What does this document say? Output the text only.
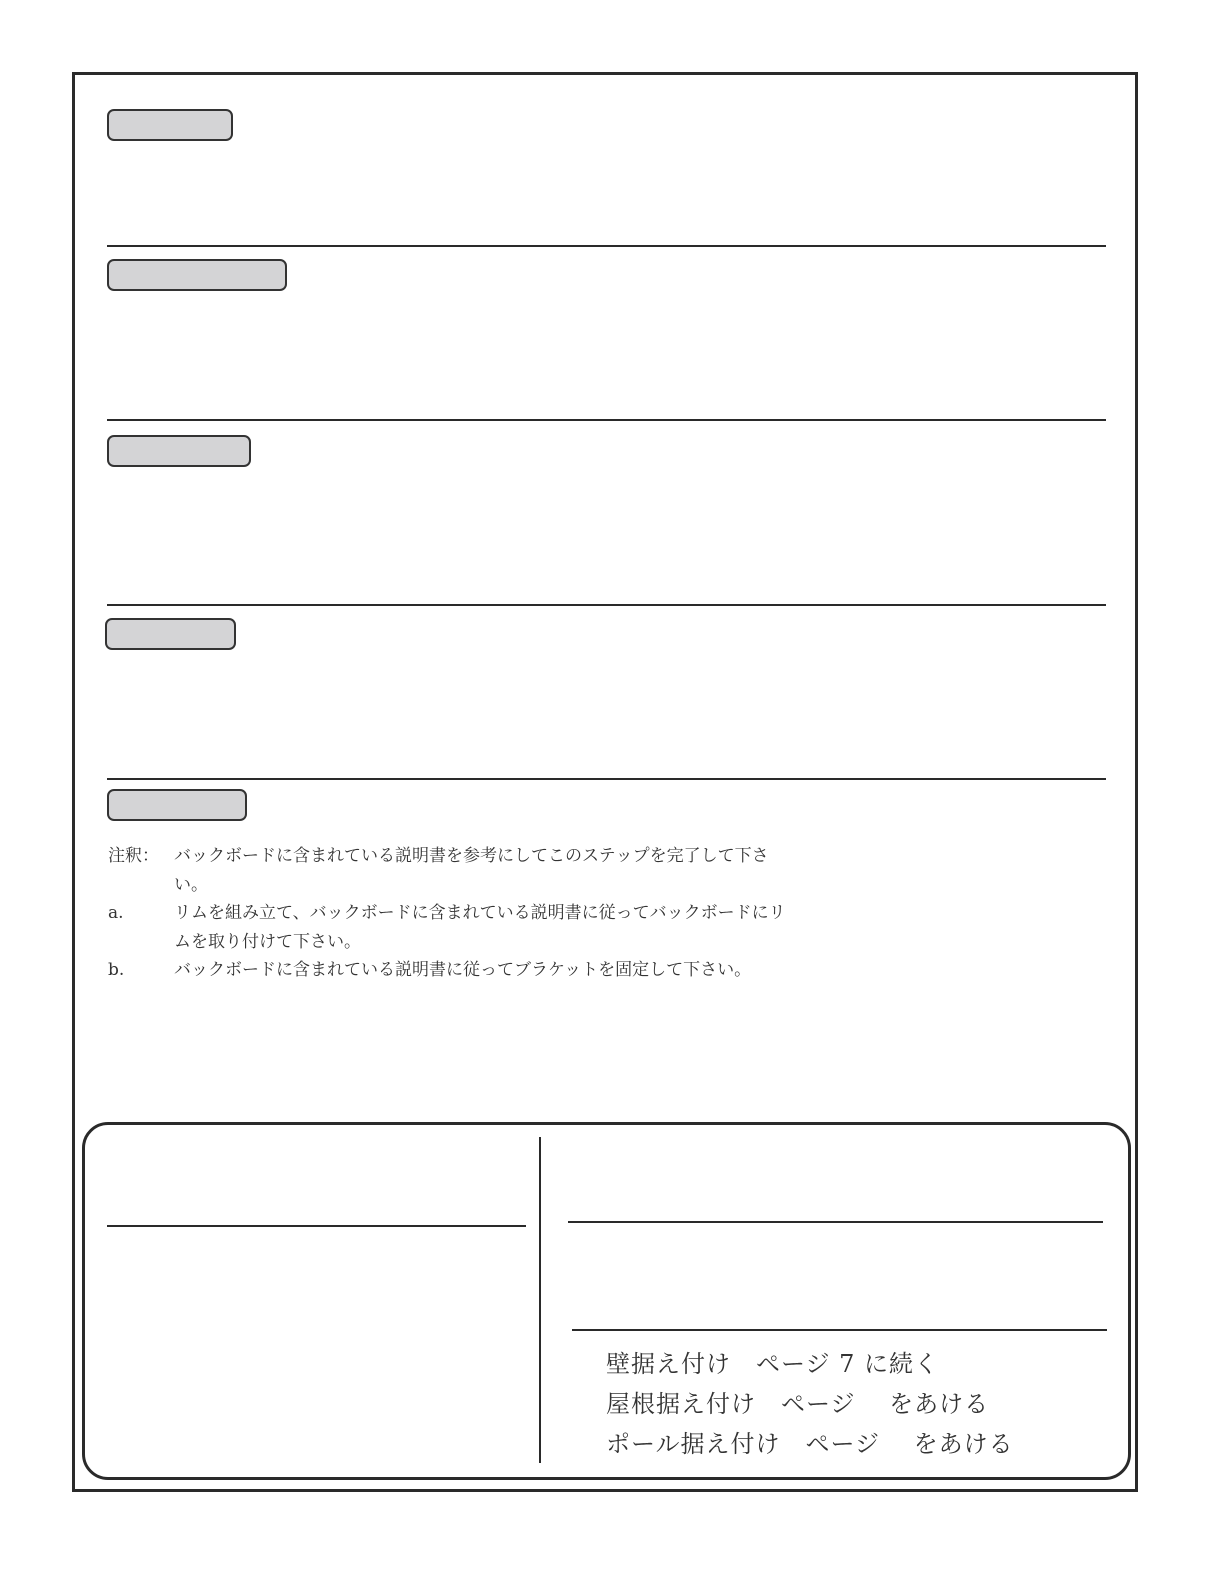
注釈： バックボードに含まれている説明書を参考にしてこのステップを完了して下さい。
a.	リムを組み立て、バックボードに含まれている説明書に従ってバックボードにリムを取り付けて下さい。
b.	バックボードに含まれている説明書に従ってブラケットを固定して下さい。
壁据え付け　ページ 7 に続く
屋根据え付け　ページ　 をあける
ポール据え付け　ページ　 をあける
